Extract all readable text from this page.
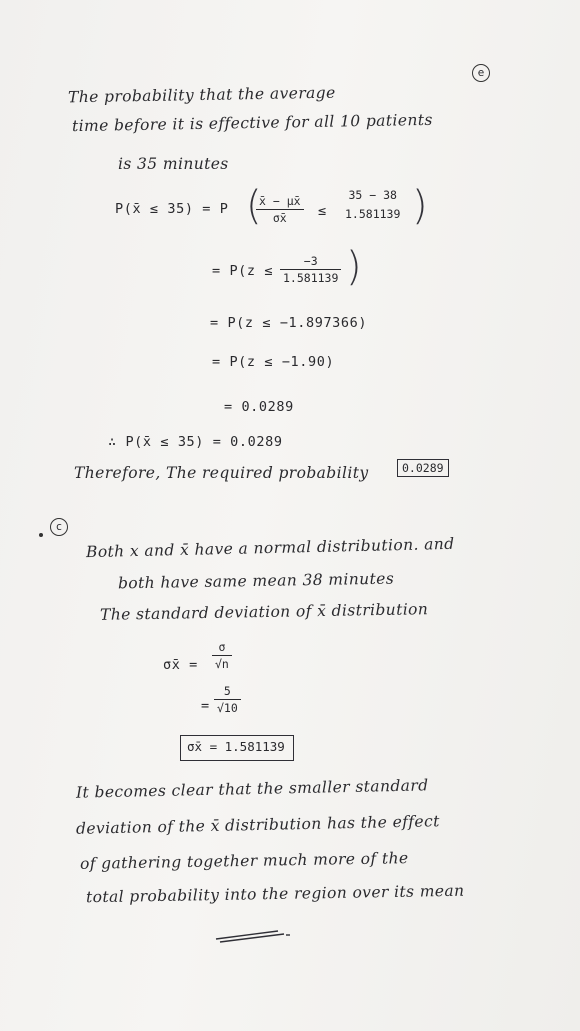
e
The probability that the average
time before it is effective for all 10 patients
is 35 minutes
P(x̄ ≤ 35) = P (
$\frac{x̄ - \mu x̄}{\sigma x̄}$ ≤
35 − 38
1.581139 )
= $P(z \le \frac{-3}{1.581139}$ )
= P(z ≤ −1.897366)
= P(z ≤ −1.90)
= 0.0289
∴ P(x̄ ≤ 35) = 0.0289
Therefore, The required probability	0.0289
c
Both x and x̄ have a normal distribution. and
both have same mean 38 minutes
The standard deviation of x̄ distribution
σx̄ = $\frac{\sigma}{√n}$
= $\frac{5}{√10}$
σx̄ = 1.581139
It becomes clear that the smaller standard
deviation of the x̄ distribution has the effect
of gathering together much more of the
total probability into the region over its mean
